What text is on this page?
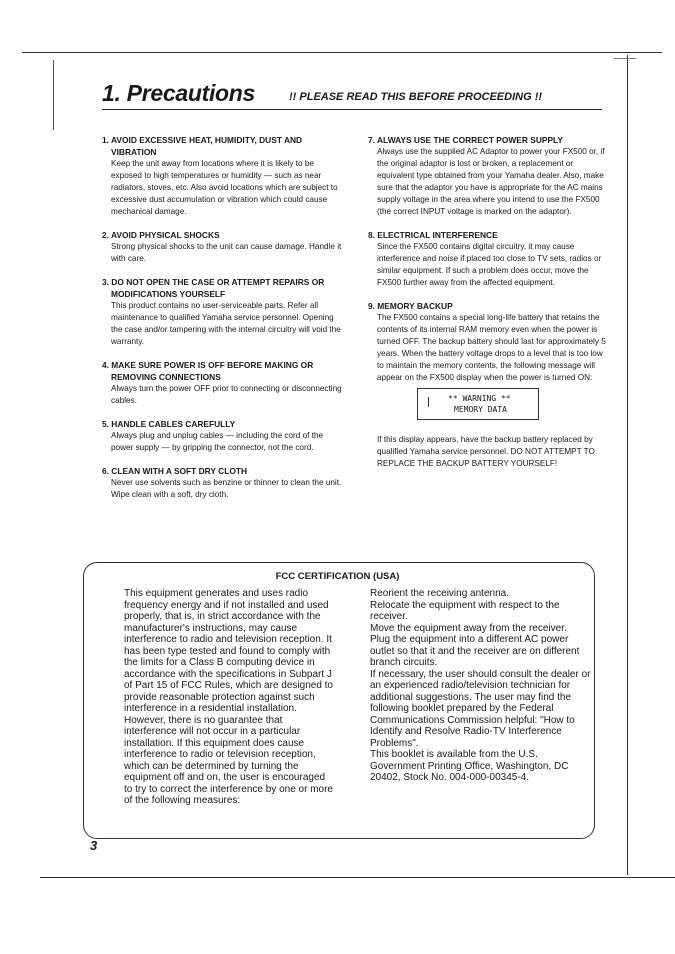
1. Precautions	!! PLEASE READ THIS BEFORE PROCEEDING !!
1. AVOID EXCESSIVE HEAT, HUMIDITY, DUST AND VIBRATION

Keep the unit away from locations where it is likely to be exposed to high temperatures or humidity — such as near radiators, stoves, etc. Also avoid locations which are subject to excessive dust accumulation or vibration which could cause mechanical damage.

2. AVOID PHYSICAL SHOCKS

Strong physical shocks to the unit can cause damage. Handle it with care.

3. DO NOT OPEN THE CASE OR ATTEMPT REPAIRS OR MODIFICATIONS YOURSELF

This product contains no user-serviceable parts. Refer all maintenance to qualified Yamaha service personnel. Opening the case and/or tampering with the internal circuitry will void the warranty.

4. MAKE SURE POWER IS OFF BEFORE MAKING OR REMOVING CONNECTIONS

Always turn the power OFF prior to connecting or disconnecting cables.

5. HANDLE CABLES CAREFULLY

Always plug and unplug cables — including the cord of the power supply — by gripping the connector, not the cord.

6. CLEAN WITH A SOFT DRY CLOTH

Never use solvents such as benzine or thinner to clean the unit. Wipe clean with a soft, dry cloth.

7. ALWAYS USE THE CORRECT POWER SUPPLY

Always use the supplied AC Adaptor to power your FX500 or, if the original adaptor is lost or broken, a replacement or equivalent type obtained from your Yamaha dealer. Also, make sure that the adaptor you have is appropriate for the AC mains supply voltage in the area where you intend to use the FX500 (the correct INPUT voltage is marked on the adaptor).

8. ELECTRICAL INTERFERENCE

Since the FX500 contains digital circuitry, it may cause interference and noise if placed too close to TV sets, radios or similar equipment. If such a problem does occur, move the FX500 further away from the affected equipment.

9. MEMORY BACKUP

The FX500 contains a special long-life battery that retains the contents of its internal RAM memory even when the power is turned OFF. The backup battery should last for approximately 5 years. When the battery voltage drops to a level that is too low to maintain the memory contents, the following message will appear on the FX500 display when the power is turned ON:

** WARNING **
MEMORY DATA

If this display appears, have the backup battery replaced by qualified Yamaha service personnel. DO NOT ATTEMPT TO REPLACE THE BACKUP BATTERY YOURSELF!

FCC CERTIFICATION (USA)

This equipment generates and uses radio frequency energy and if not installed and used properly, that is, in strict accordance with the manufacturer's instructions, may cause interference to radio and television reception. It has been type tested and found to comply with the limits for a Class B computing device in accordance with the specifications in Subpart J of Part 15 of FCC Rules, which are designed to provide reasonable protection against such interference in a residential installation. However, there is no guarantee that interference will not occur in a particular installation. If this equipment does cause interference to radio or television reception, which can be determined by turning the equipment off and on, the user is encouraged to try to correct the interference by one or more of the following measures:

Reorient the receiving antenna.

Relocate the equipment with respect to the receiver.

Move the equipment away from the receiver.

Plug the equipment into a different AC power outlet so that it and the receiver are on different branch circuits.

If necessary, the user should consult the dealer or an experienced radio/television technician for additional suggestions. The user may find the following booklet prepared by the Federal Communications Commission helpful: "How to Identify and Resolve Radio-TV Interference Problems".

This booklet is available from the U.S. Government Printing Office, Washington, DC 20402, Stock No. 004-000-00345-4.

3
